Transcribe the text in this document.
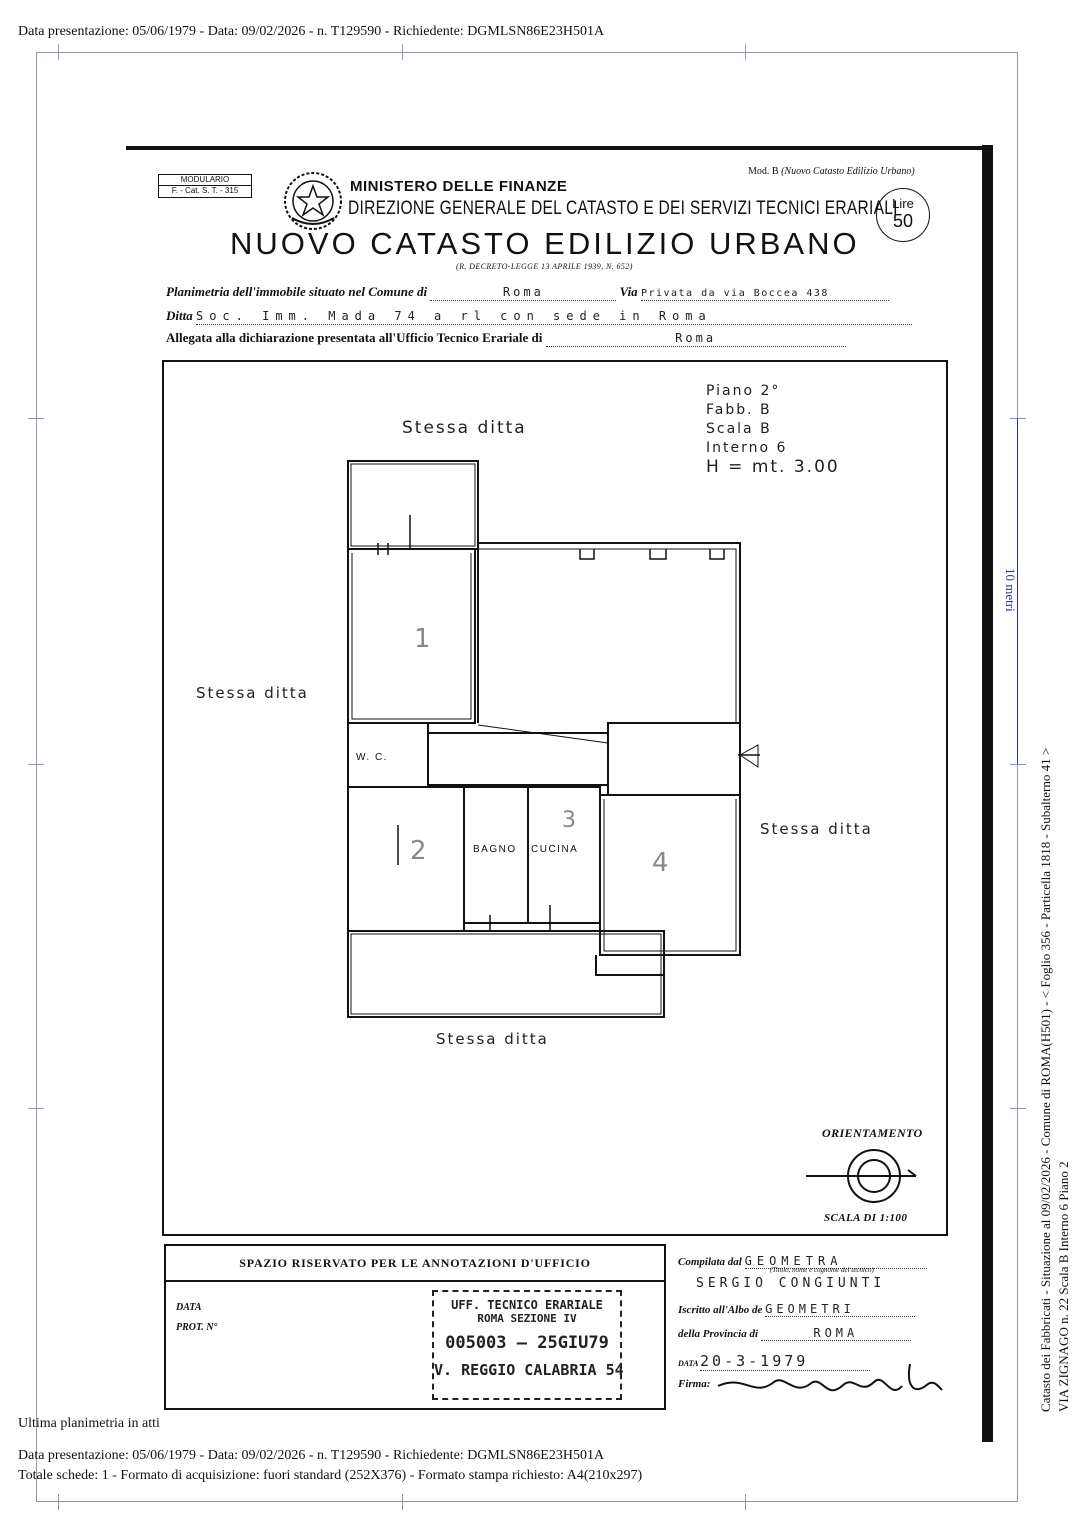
Data presentazione: 05/06/1979 - Data: 09/02/2026 - n. T129590 - Richiedente: DGMLSN86E23H501A
10 metri
Catasto dei Fabbricati - Situazione al 09/02/2026 - Comune di ROMA(H501) - < Foglio 356 - Particella 1818 - Subalterno 41 > VIA ZIGNAGO n. 22 Scala B Interno 6 Piano 2
MODULARIO
F. - Cat. S. T. - 315
Mod. B (Nuovo Catasto Edilizio Urbano)
MINISTERO DELLE FINANZE
DIREZIONE GENERALE DEL CATASTO E DEI SERVIZI TECNICI ERARIALI
NUOVO CATASTO EDILIZIO URBANO
(R. DECRETO-LEGGE 13 APRILE 1939, N. 652)
Lire
50
Planimetria dell'immobile situato nel Comune di	Roma	Via Privata da via Boccea 438
Ditta Soc. Imm. Mada 74 a rl con sede in Roma
Allegata alla dichiarazione presentata all'Ufficio Tecnico Erariale di	Roma
Piano 2°
Fabb. B
Scala B
Interno 6
H = mt. 3.00
Stessa ditta
Stessa ditta
Stessa ditta
Stessa ditta
W. C.
BAGNO CUCINA
1
2
3
4
ORIENTAMENTO
SCALA DI 1:100
SPAZIO RISERVATO PER LE ANNOTAZIONI D'UFFICIO
DATA
PROT. N°
UFF. TECNICO ERARIALE
ROMA SEZIONE IV
005003 — 25GIU79
V. REGGIO CALABRIA 54
Compilata dal GEOMETRA
(Titolo, nome e cognome del tecnico)
SERGIO CONGIUNTI
Iscritto all'Albo de GEOMETRI
della Provincia di	ROMA
DATA 20-3-1979
Firma:
Ultima planimetria in atti
Data presentazione: 05/06/1979 - Data: 09/02/2026 - n. T129590 - Richiedente: DGMLSN86E23H501A
Totale schede: 1 - Formato di acquisizione: fuori standard (252X376) - Formato stampa richiesto: A4(210x297)
